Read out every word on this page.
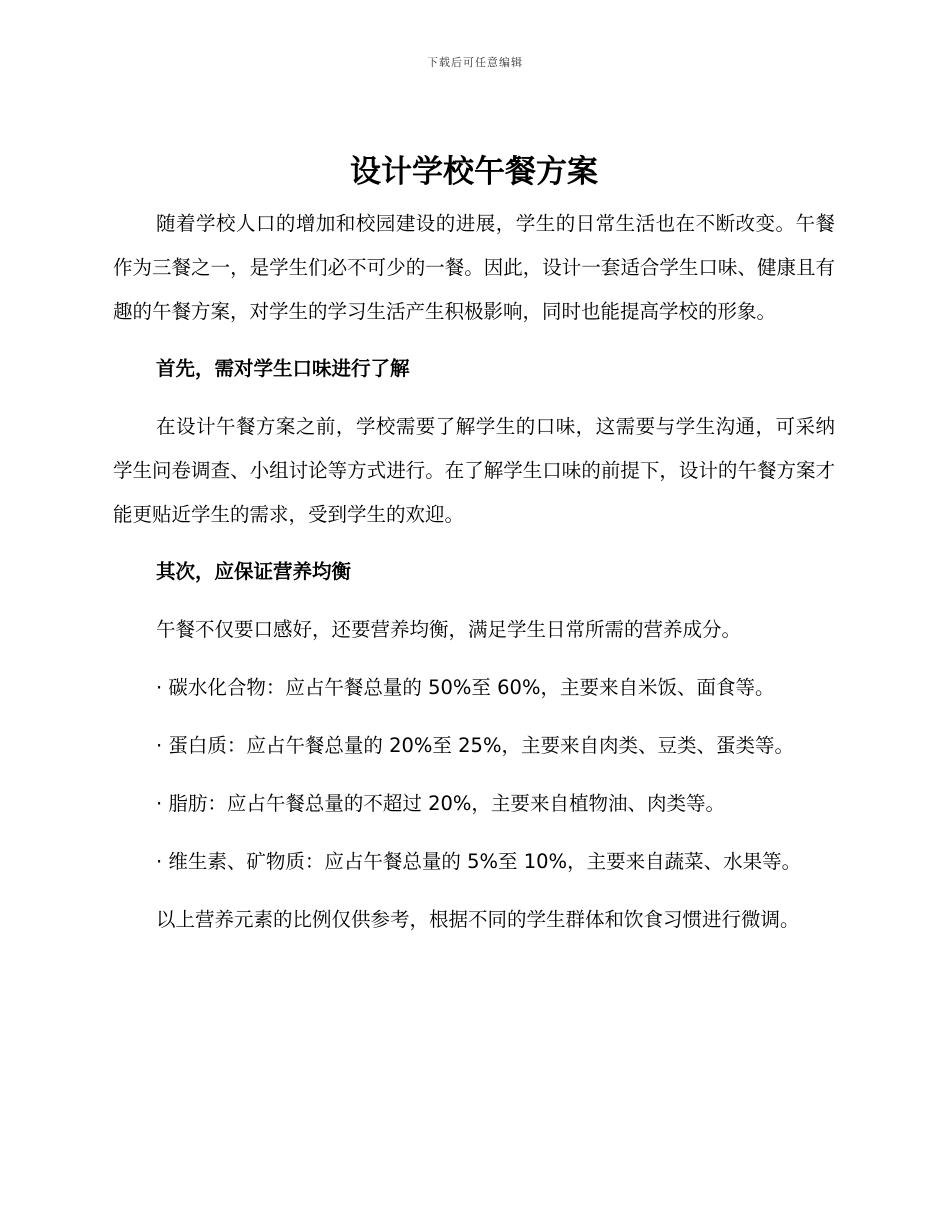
下载后可任意编辑
设计学校午餐方案

随着学校人口的增加和校园建设的进展，学生的日常生活也在不断改变。午餐作为三餐之一，是学生们必不可少的一餐。因此，设计一套适合学生口味、健康且有趣的午餐方案，对学生的学习生活产生积极影响，同时也能提高学校的形象。

首先，需对学生口味进行了解

在设计午餐方案之前，学校需要了解学生的口味，这需要与学生沟通，可采纳学生问卷调查、小组讨论等方式进行。在了解学生口味的前提下，设计的午餐方案才能更贴近学生的需求，受到学生的欢迎。

其次，应保证营养均衡

午餐不仅要口感好，还要营养均衡，满足学生日常所需的营养成分。

· 碳水化合物：应占午餐总量的 50%至 60%，主要来自米饭、面食等。

· 蛋白质：应占午餐总量的 20%至 25%，主要来自肉类、豆类、蛋类等。

· 脂肪：应占午餐总量的不超过 20%，主要来自植物油、肉类等。

· 维生素、矿物质：应占午餐总量的 5%至 10%，主要来自蔬菜、水果等。

以上营养元素的比例仅供参考，根据不同的学生群体和饮食习惯进行微调。
